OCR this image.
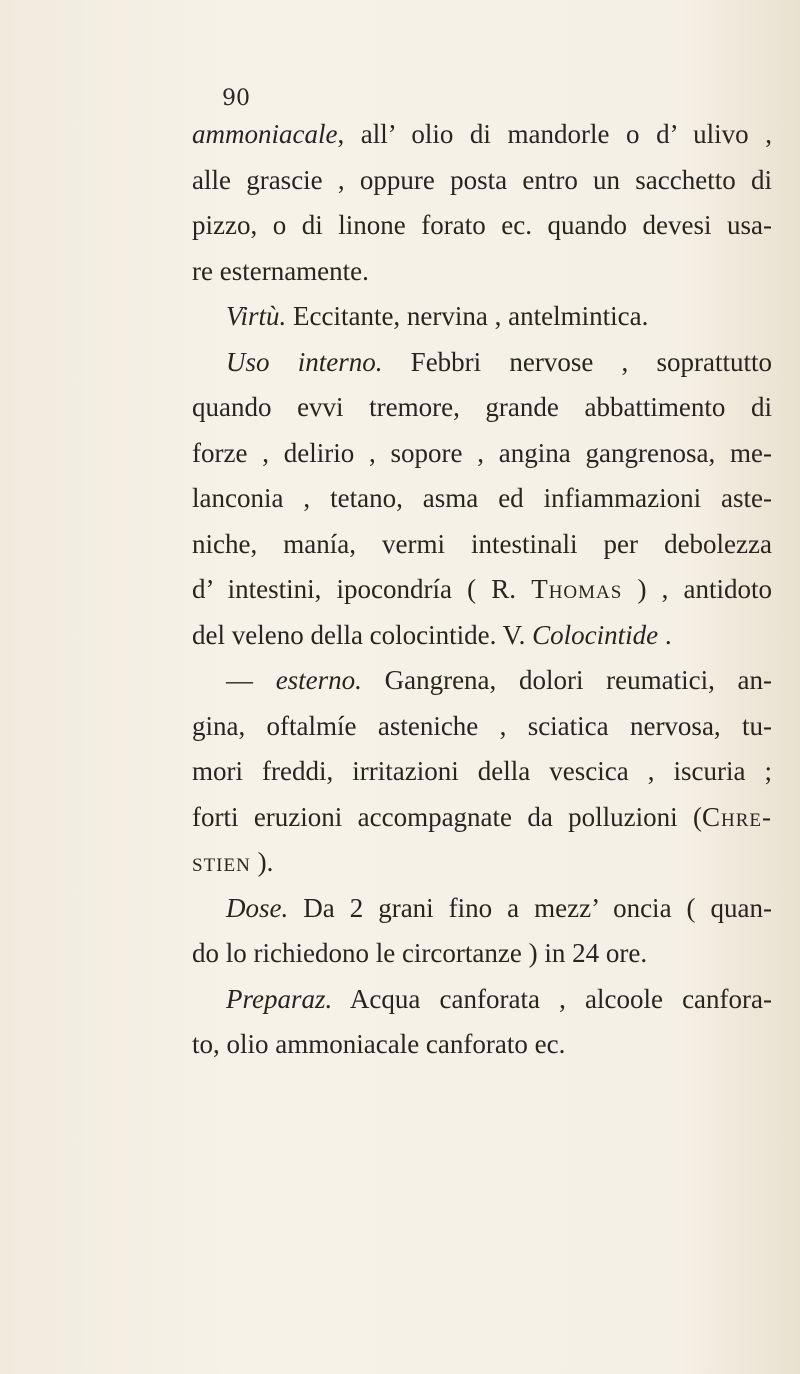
90
ammoniacale, all’ olio di mandorle o d’ ulivo ,
alle grascie , oppure posta entro un sacchetto di
pizzo, o di linone forato ec. quando devesi usa-
re esternamente.
Virtù. Eccitante, nervina , antelmintica.
Uso interno. Febbri nervose , soprattutto
quando evvi tremore, grande abbattimento di
forze , delirio , sopore , angina gangrenosa, me-
lanconia , tetano, asma ed infiammazioni aste-
niche, manía, vermi intestinali per debolezza
d’ intestini, ipocondría ( R. Thomas ) , antidoto
del veleno della colocintide. V. Colocintide .
— esterno. Gangrena, dolori reumatici, an-
gina, oftalmíe asteniche , sciatica nervosa, tu-
mori freddi, irritazioni della vescica , iscuria ;
forti eruzioni accompagnate da polluzioni (Chre-
stien ).
Dose. Da 2 grani fino a mezz’ oncia ( quan-
do lo richiedono le circortanze ) in 24 ore.
Preparaz. Acqua canforata , alcoole canfora-
to, olio ammoniacale canforato ec.
